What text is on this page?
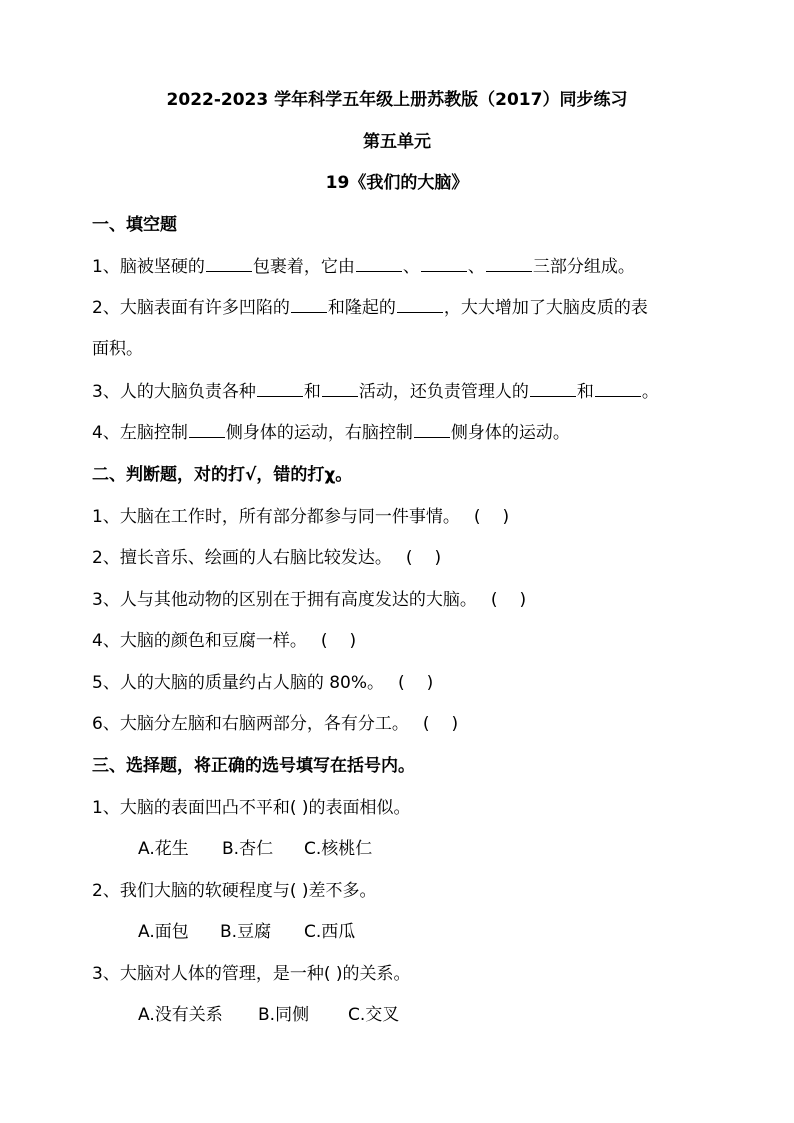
2022-2023 学年科学五年级上册苏教版（2017）同步练习
第五单元
19《我们的大脑》
一、填空题
1、脑被坚硬的	包裹着，它由	、	、	三部分组成。
2、大脑表面有许多凹陷的 和隆起的	，大大增加了大脑皮质的表
面积。
3、人的大脑负责各种	和 活动，还负责管理人的	和	。
4、左脑控制 侧身体的运动，右脑控制 侧身体的运动。
二、判断题，对的打√，错的打χ。
1、大脑在工作时，所有部分都参与同一件事情。 ( )
2、擅长音乐、绘画的人右脑比较发达。 ( )
3、人与其他动物的区别在于拥有高度发达的大脑。 ( )
4、大脑的颜色和豆腐一样。 ( )
5、人的大脑的质量约占人脑的 80%。 ( )
6、大脑分左脑和右脑两部分，各有分工。 ( )
三、选择题，将正确的选号填写在括号内。
1、大脑的表面凹凸不平和( )的表面相似。
A.花生 B.杏仁 C.核桃仁
2、我们大脑的软硬程度与( )差不多。
A.面包 B.豆腐 C.西瓜
3、大脑对人体的管理，是一种( )的关系。
A.没有关系 B.同侧 C.交叉
